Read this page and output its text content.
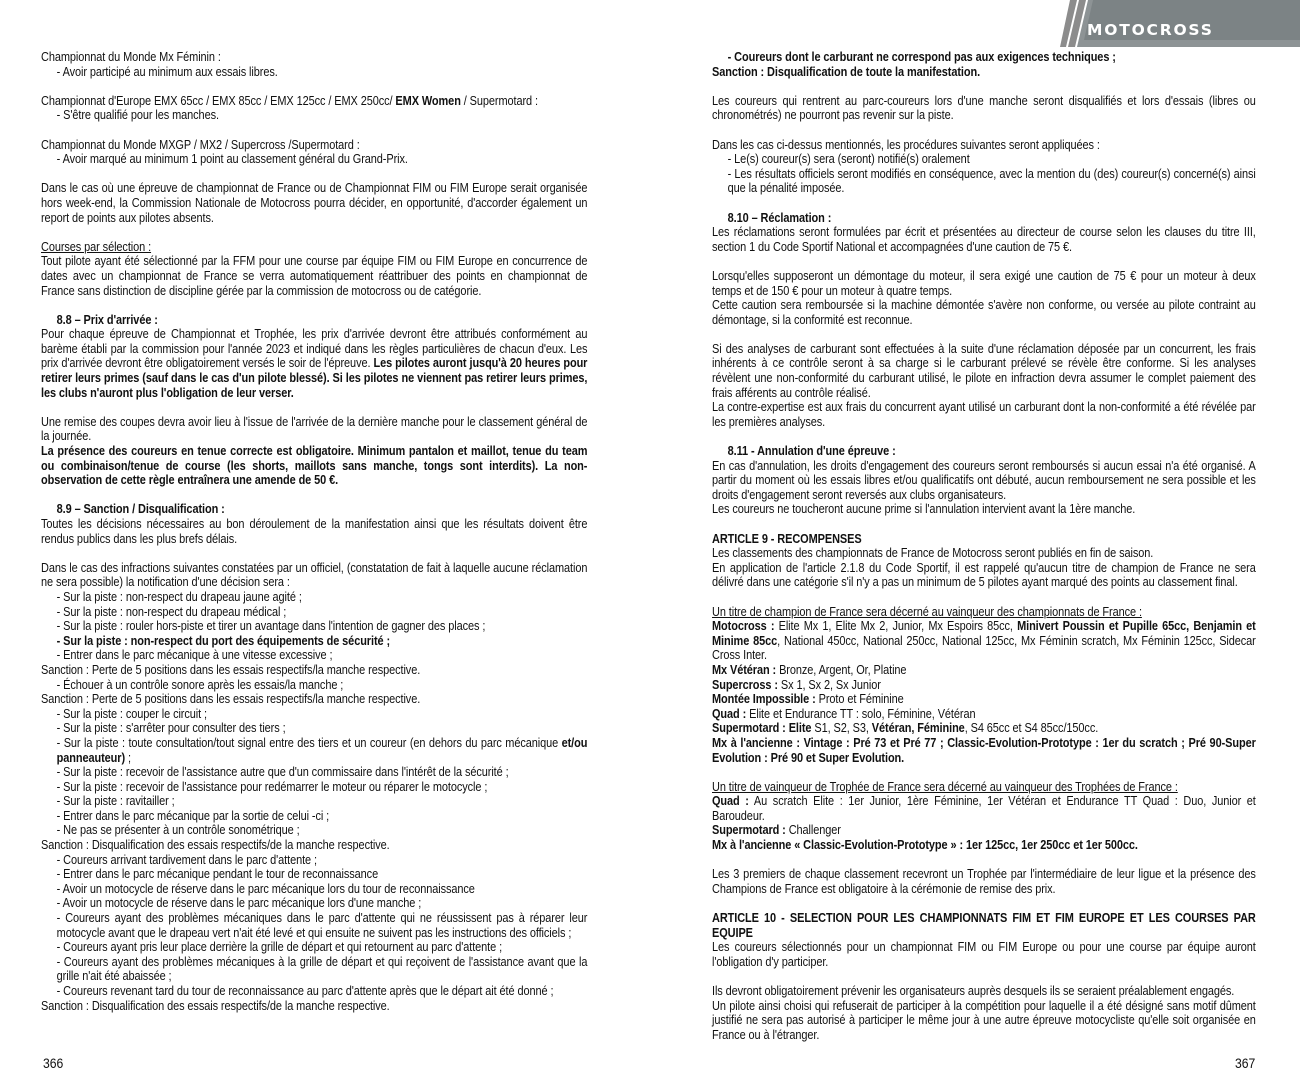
Championnat du Monde Mx Féminin :

- Avoir participé au minimum aux essais libres.

Championnat d'Europe EMX 65cc / EMX 85cc / EMX 125cc / EMX 250cc/ EMX Women / Supermotard :

- S'être qualifié pour les manches.

Championnat du Monde MXGP / MX2 / Supercross /Supermotard :

- Avoir marqué au minimum 1 point au classement général du Grand-Prix.

Dans le cas où une épreuve de championnat de France ou de Championnat FIM ou FIM Europe serait organisée hors week-end, la Commission Nationale de Motocross pourra décider, en opportunité, d'accorder également un report de points aux pilotes absents.

Courses par sélection :

Tout pilote ayant été sélectionné par la FFM pour une course par équipe FIM ou FIM Europe en concurrence de dates avec un championnat de France se verra automatiquement réattribuer des points en championnat de France sans distinction de discipline gérée par la commission de motocross ou de catégorie.

8.8 – Prix d'arrivée :

Pour chaque épreuve de Championnat et Trophée, les prix d'arrivée devront être attribués conformément au barème établi par la commission pour l'année 2023 et indiqué dans les règles particulières de chacun d'eux. Les prix d'arrivée devront être obligatoirement versés le soir de l'épreuve. Les pilotes auront jusqu'à 20 heures pour retirer leurs primes (sauf dans le cas d'un pilote blessé). Si les pilotes ne viennent pas retirer leurs primes, les clubs n'auront plus l'obligation de leur verser.

Une remise des coupes devra avoir lieu à l'issue de l'arrivée de la dernière manche pour le classement général de la journée.

La présence des coureurs en tenue correcte est obligatoire. Minimum pantalon et maillot, tenue du team ou combinaison/tenue de course (les shorts, maillots sans manche, tongs sont interdits). La non-observation de cette règle entraînera une amende de 50 €.

8.9 – Sanction / Disqualification :

Toutes les décisions nécessaires au bon déroulement de la manifestation ainsi que les résultats doivent être rendus publics dans les plus brefs délais.

Dans le cas des infractions suivantes constatées par un officiel, (constatation de fait à laquelle aucune réclamation ne sera possible) la notification d'une décision sera :

- Sur la piste : non-respect du drapeau jaune agité ;

- Sur la piste : non-respect du drapeau médical ;

- Sur la piste : rouler hors-piste et tirer un avantage dans l'intention de gagner des places ;

- Sur la piste : non-respect du port des équipements de sécurité ;

- Entrer dans le parc mécanique à une vitesse excessive ;

Sanction : Perte de 5 positions dans les essais respectifs/la manche respective.

- Échouer à un contrôle sonore après les essais/la manche ;

Sanction : Perte de 5 positions dans les essais respectifs/la manche respective.

- Sur la piste : couper le circuit ;

- Sur la piste : s'arrêter pour consulter des tiers ;

- Sur la piste : toute consultation/tout signal entre des tiers et un coureur (en dehors du parc mécanique et/ou panneauteur) ;

- Sur la piste : recevoir de l'assistance autre que d'un commissaire dans l'intérêt de la sécurité ;

- Sur la piste : recevoir de l'assistance pour redémarrer le moteur ou réparer le motocycle ;

- Sur la piste : ravitailler ;

- Entrer dans le parc mécanique par la sortie de celui -ci ;

- Ne pas se présenter à un contrôle sonométrique ;

Sanction : Disqualification des essais respectifs/de la manche respective.

- Coureurs arrivant tardivement dans le parc d'attente ;

- Entrer dans le parc mécanique pendant le tour de reconnaissance

- Avoir un motocycle de réserve dans le parc mécanique lors du tour de reconnaissance

- Avoir un motocycle de réserve dans le parc mécanique lors d'une manche ;

- Coureurs ayant des problèmes mécaniques dans le parc d'attente qui ne réussissent pas à réparer leur motocycle avant que le drapeau vert n'ait été levé et qui ensuite ne suivent pas les instructions des officiels ;

- Coureurs ayant pris leur place derrière la grille de départ et qui retournent au parc d'attente ;

- Coureurs ayant des problèmes mécaniques à la grille de départ et qui reçoivent de l'assistance avant que la grille n'ait été abaissée ;

- Coureurs revenant tard du tour de reconnaissance au parc d'attente après que le départ ait été donné ;

Sanction : Disqualification des essais respectifs/de la manche respective.

366

- Coureurs dont le carburant ne correspond pas aux exigences techniques ;

Sanction : Disqualification de toute la manifestation.

Les coureurs qui rentrent au parc-coureurs lors d'une manche seront disqualifiés et lors d'essais (libres ou chronométrés) ne pourront pas revenir sur la piste.

Dans les cas ci-dessus mentionnés, les procédures suivantes seront appliquées :

- Le(s) coureur(s) sera (seront) notifié(s) oralement

- Les résultats officiels seront modifiés en conséquence, avec la mention du (des) coureur(s) concerné(s) ainsi que la pénalité imposée.

8.10 – Réclamation :

Les réclamations seront formulées par écrit et présentées au directeur de course selon les clauses du titre III, section 1 du Code Sportif National et accompagnées d'une caution de 75 €.

Lorsqu'elles supposeront un démontage du moteur, il sera exigé une caution de 75 € pour un moteur à deux temps et de 150 € pour un moteur à quatre temps.

Cette caution sera remboursée si la machine démontée s'avère non conforme, ou versée au pilote contraint au démontage, si la conformité est reconnue.

Si des analyses de carburant sont effectuées à la suite d'une réclamation déposée par un concurrent, les frais inhérents à ce contrôle seront à sa charge si le carburant prélevé se révèle être conforme. Si les analyses révèlent une non-conformité du carburant utilisé, le pilote en infraction devra assumer le complet paiement des frais afférents au contrôle réalisé.

La contre-expertise est aux frais du concurrent ayant utilisé un carburant dont la non-conformité a été révélée par les premières analyses.

8.11 - Annulation d'une épreuve :

En cas d'annulation, les droits d'engagement des coureurs seront remboursés si aucun essai n'a été organisé. A partir du moment où les essais libres et/ou qualificatifs ont débuté, aucun remboursement ne sera possible et les droits d'engagement seront reversés aux clubs organisateurs.

Les coureurs ne toucheront aucune prime si l'annulation intervient avant la 1ère manche.

ARTICLE 9 - RECOMPENSES

Les classements des championnats de France de Motocross seront publiés en fin de saison.

En application de l'article 2.1.8 du Code Sportif, il est rappelé qu'aucun titre de champion de France ne sera délivré dans une catégorie s'il n'y a pas un minimum de 5 pilotes ayant marqué des points au classement final.

Un titre de champion de France sera décerné au vainqueur des championnats de France :

Motocross : Elite Mx 1, Elite Mx 2, Junior, Mx Espoirs 85cc, Minivert Poussin et Pupille 65cc, Benjamin et Minime 85cc, National 450cc, National 250cc, National 125cc, Mx Féminin scratch, Mx Féminin 125cc, Sidecar Cross Inter.

Mx Vétéran : Bronze, Argent, Or, Platine

Supercross : Sx 1, Sx 2, Sx Junior

Montée Impossible : Proto et Féminine

Quad : Elite et Endurance TT : solo, Féminine, Vétéran

Supermotard : Elite S1, S2, S3, Vétéran, Féminine, S4 65cc et S4 85cc/150cc.

Mx à l'ancienne : Vintage : Pré 73 et Pré 77 ; Classic-Evolution-Prototype : 1er du scratch ; Pré 90-Super Evolution : Pré 90 et Super Evolution.

Un titre de vainqueur de Trophée de France sera décerné au vainqueur des Trophées de France :

Quad : Au scratch Elite : 1er Junior, 1ère Féminine, 1er Vétéran et Endurance TT Quad : Duo, Junior et Baroudeur.

Supermotard : Challenger

Mx à l'ancienne « Classic-Evolution-Prototype » : 1er 125cc, 1er 250cc et 1er 500cc.

Les 3 premiers de chaque classement recevront un Trophée par l'intermédiaire de leur ligue et la présence des Champions de France est obligatoire à la cérémonie de remise des prix.

ARTICLE 10 - SELECTION POUR LES CHAMPIONNATS FIM ET FIM EUROPE ET LES COURSES PAR EQUIPE

Les coureurs sélectionnés pour un championnat FIM ou FIM Europe ou pour une course par équipe auront l'obligation d'y participer.

Ils devront obligatoirement prévenir les organisateurs auprès desquels ils se seraient préalablement engagés.

Un pilote ainsi choisi qui refuserait de participer à la compétition pour laquelle il a été désigné sans motif dûment justifié ne sera pas autorisé à participer le même jour à une autre épreuve motocycliste qu'elle soit organisée en France ou à l'étranger.

367
MOTOCROSS
